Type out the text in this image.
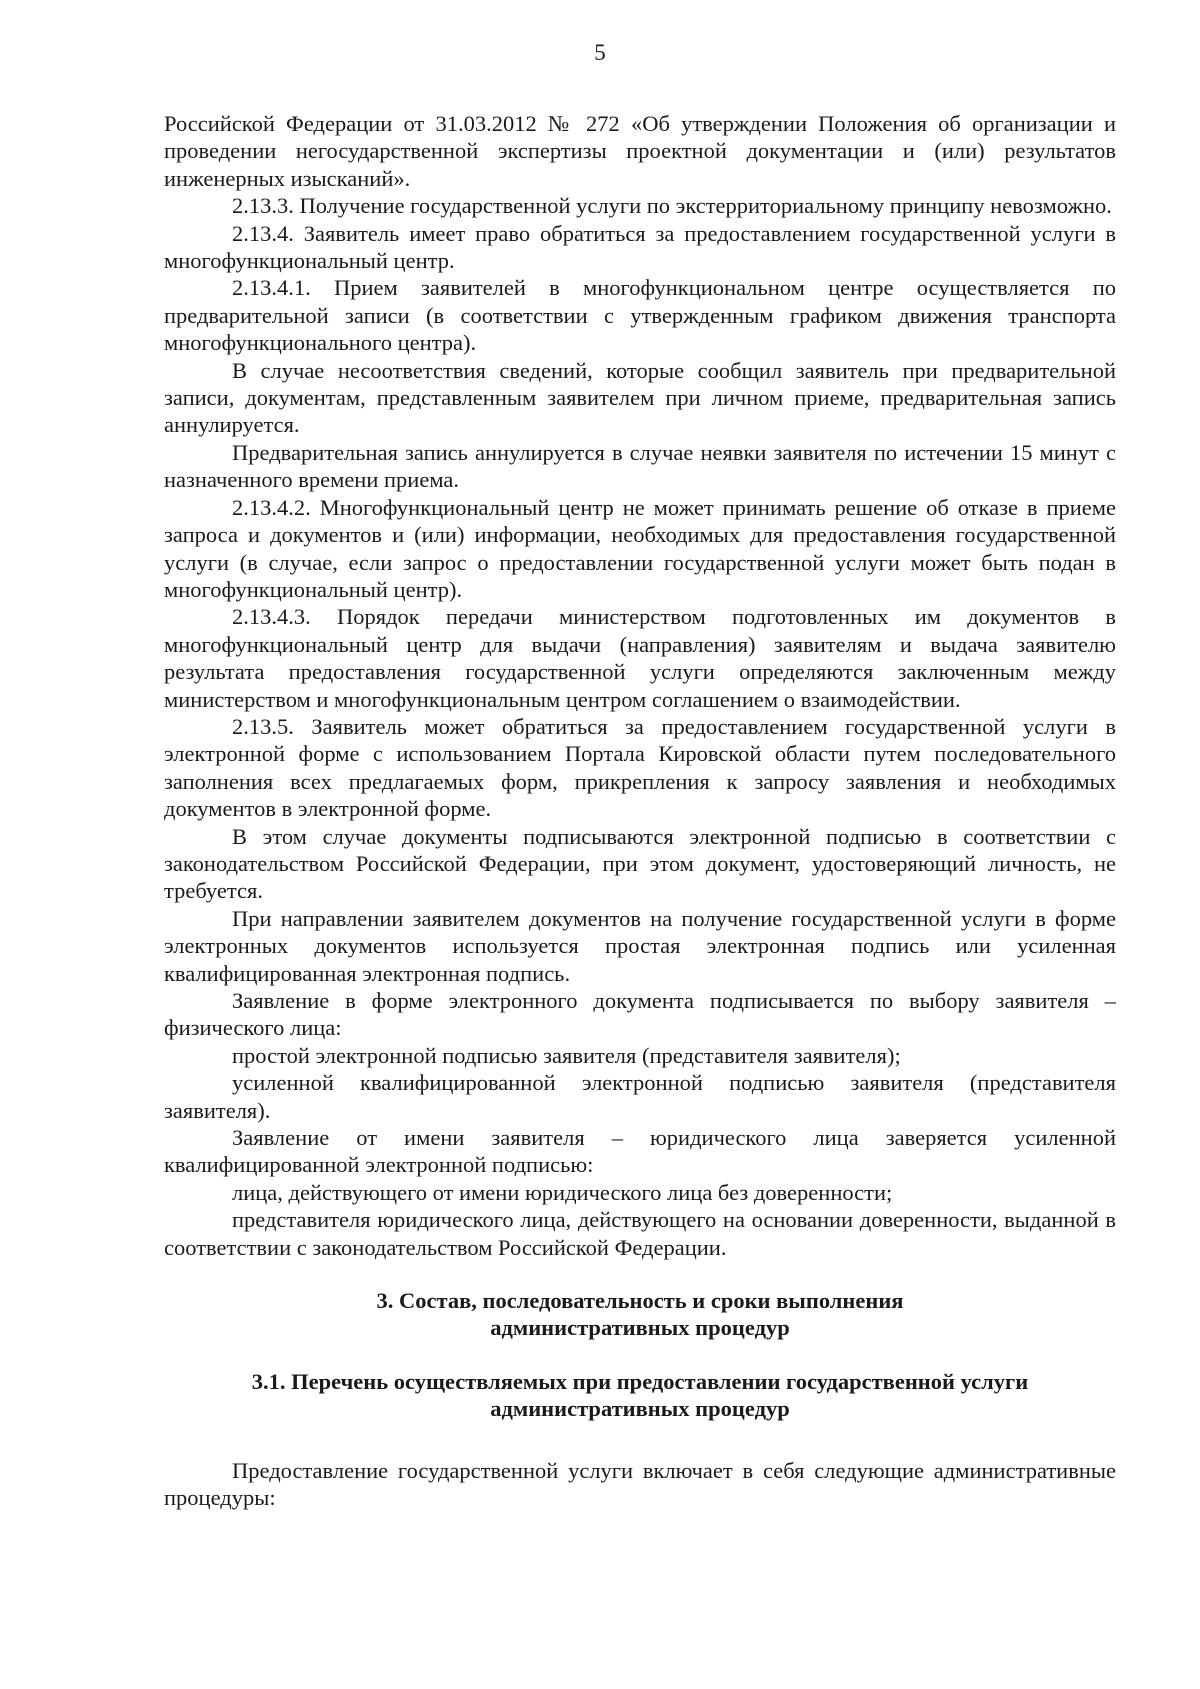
5

Российской Федерации от 31.03.2012 № 272 «Об утверждении Положения об организации и проведении негосударственной экспертизы проектной документации и (или) результатов инженерных изысканий».

2.13.3. Получение государственной услуги по экстерриториальному принципу невозможно.

2.13.4. Заявитель имеет право обратиться за предоставлением государственной услуги в многофункциональный центр.

2.13.4.1. Прием заявителей в многофункциональном центре осуществляется по предварительной записи (в соответствии с утвержденным графиком движения транспорта многофункционального центра).

В случае несоответствия сведений, которые сообщил заявитель при предварительной записи, документам, представленным заявителем при личном приеме, предварительная запись аннулируется.

Предварительная запись аннулируется в случае неявки заявителя по истечении 15 минут с назначенного времени приема.

2.13.4.2. Многофункциональный центр не может принимать решение об отказе в приеме запроса и документов и (или) информации, необходимых для предоставления государственной услуги (в случае, если запрос о предоставлении государственной услуги может быть подан в многофункциональный центр).

2.13.4.3. Порядок передачи министерством подготовленных им документов в многофункциональный центр для выдачи (направления) заявителям и выдача заявителю результата предоставления государственной услуги определяются заключенным между министерством и многофункциональным центром соглашением о взаимодействии.

2.13.5. Заявитель может обратиться за предоставлением государственной услуги в электронной форме с использованием Портала Кировской области путем последовательного заполнения всех предлагаемых форм, прикрепления к запросу заявления и необходимых документов в электронной форме.

В этом случае документы подписываются электронной подписью в соответствии с законодательством Российской Федерации, при этом документ, удостоверяющий личность, не требуется.

При направлении заявителем документов на получение государственной услуги в форме электронных документов используется простая электронная подпись или усиленная квалифицированная электронная подпись.

Заявление в форме электронного документа подписывается по выбору заявителя – физического лица:

простой электронной подписью заявителя (представителя заявителя);

усиленной квалифицированной электронной подписью заявителя (представителя заявителя).

Заявление от имени заявителя – юридического лица заверяется усиленной квалифицированной электронной подписью:

лица, действующего от имени юридического лица без доверенности;

представителя юридического лица, действующего на основании доверенности, выданной в соответствии с законодательством Российской Федерации.

3. Состав, последовательность и сроки выполнения
административных процедур

3.1. Перечень осуществляемых при предоставлении государственной услуги
административных процедур

Предоставление государственной услуги включает в себя следующие административные процедуры:
